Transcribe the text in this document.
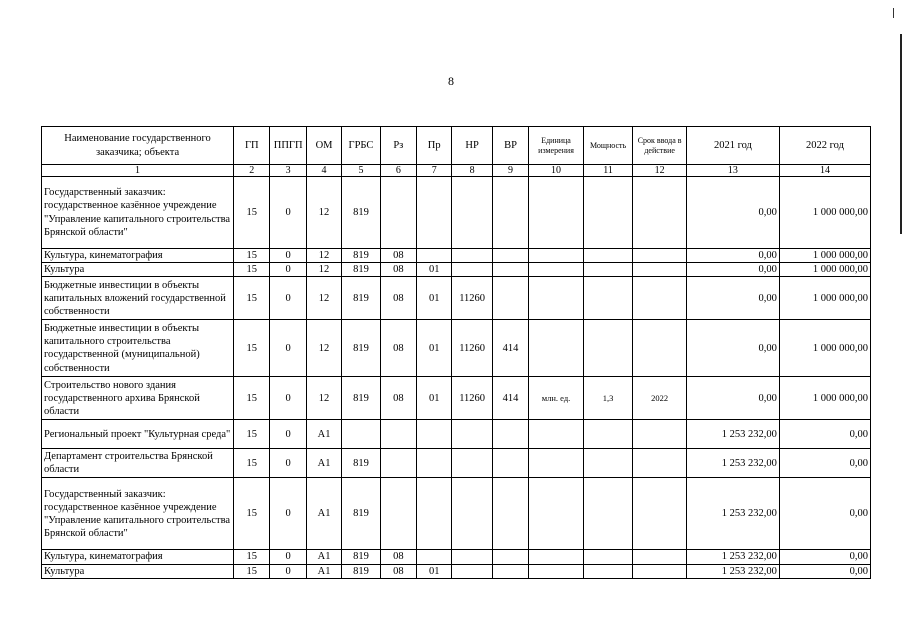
8
Наименование государственного заказчика; объекта	ГП	ППГП	ОМ	ГРБС	Рз	Пр	НР	ВР	Единица измерения	Мощность	Срок ввода в действие	2021 год	2022 год
1	2	3	4	5	6	7	8	9	10	11	12	13	14
Государственный заказчик: государственное казённое учреждение "Управление капитального строительства Брянской области"	15	0	12	819								0,00	1 000 000,00
Культура, кинематография	15	0	12	819	08							0,00	1 000 000,00
Культура	15	0	12	819	08	01						0,00	1 000 000,00
Бюджетные инвестиции в объекты капитальных вложений государственной собственности	15	0	12	819	08	01	11260					0,00	1 000 000,00
Бюджетные инвестиции в объекты капитального строительства государственной (муниципальной) собственности	15	0	12	819	08	01	11260	414				0,00	1 000 000,00
Строительство нового здания государственного архива Брянской области	15	0	12	819	08	01	11260	414	млн. ед.	1,3	2022	0,00	1 000 000,00
Региональный проект "Культурная среда"	15	0	A1									1 253 232,00	0,00
Департамент строительства Брянской области	15	0	A1	819								1 253 232,00	0,00
Государственный заказчик: государственное казённое учреждение "Управление капитального строительства Брянской области"	15	0	A1	819								1 253 232,00	0,00
Культура, кинематография	15	0	A1	819	08							1 253 232,00	0,00
Культура	15	0	A1	819	08	01						1 253 232,00	0,00
